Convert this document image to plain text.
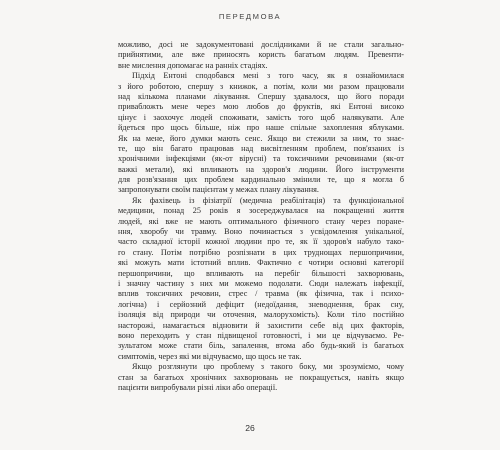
ПЕРЕДМОВА
можливо, досі не задокументовані дослідниками й не стали загально-
прийнятими, але вже приносять користь багатьом людям. Превенти-
вне мислення допомагає на ранніх стадіях.
Підхід Ентоні сподобався мені з того часу, як я ознайомилася
з його роботою, спершу з книжок, а потім, коли ми разом працювали
над кількома планами лікування. Спершу здавалося, що його поради
привабложть мене через мою любов до фруктів, які Ентоні високо
цінує і заохочує людей споживати, замість того щоб налякувати. Але
йдеться про щось більше, ніж про наше спільне захоплення яблуками.
Як на мене, його думки мають сенс. Якщо ви стежили за ним, то знає-
те, що він багато працював над висвітленням проблем, пов'язаних із
хронічними інфекціями (як-от вірусні) та токсичними речовинами (як-от
важкі метали), які впливають на здоров'я людини. Його інструменти
для розв'язання цих проблем кардинально змінили те, що я могла б
запропонувати своїм пацієнтам у межах плану лікування.
Як фахівець із фізіатрії (медична реабілітація) та функціональної
медицини, понад 25 років я зосереджувалася на покращенні життя
людей, які вже не мають оптимального фізичного стану через поране-
ння, хворобу чи травму. Воно починається з усвідомлення унікальної,
часто складної історії кожної людини про те, як її здоров'я набуло тако-
го стану. Потім потрібно розпізнати в цих труднощах першопричини,
які можуть мати істотний вплив. Фактично є чотири основні категорії
першопричини, що впливають на перебіг більшості захворювань,
і значну частину з них ми можемо подолати. Сюди належать інфекції,
вплив токсичних речовин, стрес / травма (як фізична, так і психо-
логічна) і серйозний дефіцит (недоїдання, зневоднення, брак сну,
ізоляція від природи чи оточення, малорухомість). Коли тіло постійно
насторожі, намагається відновити й захистити себе від цих факторів,
воно переходить у стан підвищеної готовності, і ми це відчуваємо. Ре-
зультатом може стати біль, запалення, втома або будь-який із багатьох
симптомів, через які ми відчуваємо, що щось не так.
Якщо розглянути цю проблему з такого боку, ми зрозуміємо, чому
стан за багатьох хронічних захворювань не покращується, навіть якщо
пацієнти випробували різні ліки або операції.
26
